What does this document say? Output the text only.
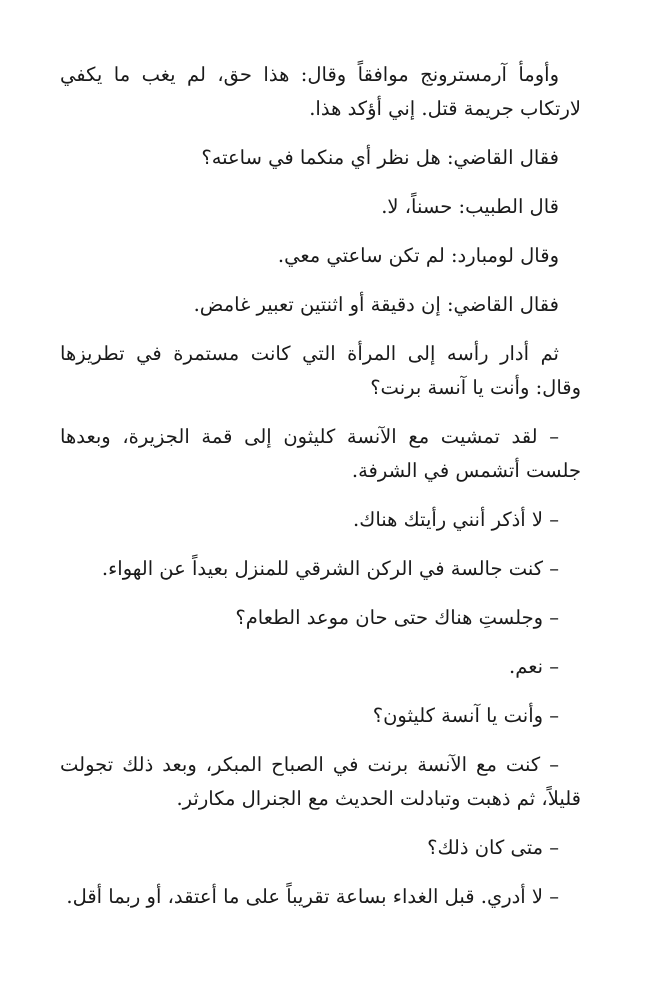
وأومأ آرمسترونج موافقاً وقال: هذا حق، لم يغب ما يكفي لارتكاب جريمة قتل. إني أؤكد هذا.

فقال القاضي: هل نظر أي منكما في ساعته؟

قال الطبيب: حسناً، لا.

وقال لومبارد: لم تكن ساعتي معي.

فقال القاضي: إن دقيقة أو اثنتين تعبير غامض.

ثم أدار رأسه إلى المرأة التي كانت مستمرة في تطريزها وقال: وأنت يا آنسة برنت؟

– لقد تمشيت مع الآنسة كليثون إلى قمة الجزيرة، وبعدها جلست أتشمس في الشرفة.

– لا أذكر أنني رأيتك هناك.

– كنت جالسة في الركن الشرقي للمنزل بعيداً عن الهواء.

– وجلستِ هناك حتى حان موعد الطعام؟

– نعم.

– وأنت يا آنسة كليثون؟

– كنت مع الآنسة برنت في الصباح المبكر، وبعد ذلك تجولت قليلاً، ثم ذهبت وتبادلت الحديث مع الجنرال مكارثر.

– متى كان ذلك؟

– لا أدري. قبل الغداء بساعة تقريباً على ما أعتقد، أو ربما أقل.
